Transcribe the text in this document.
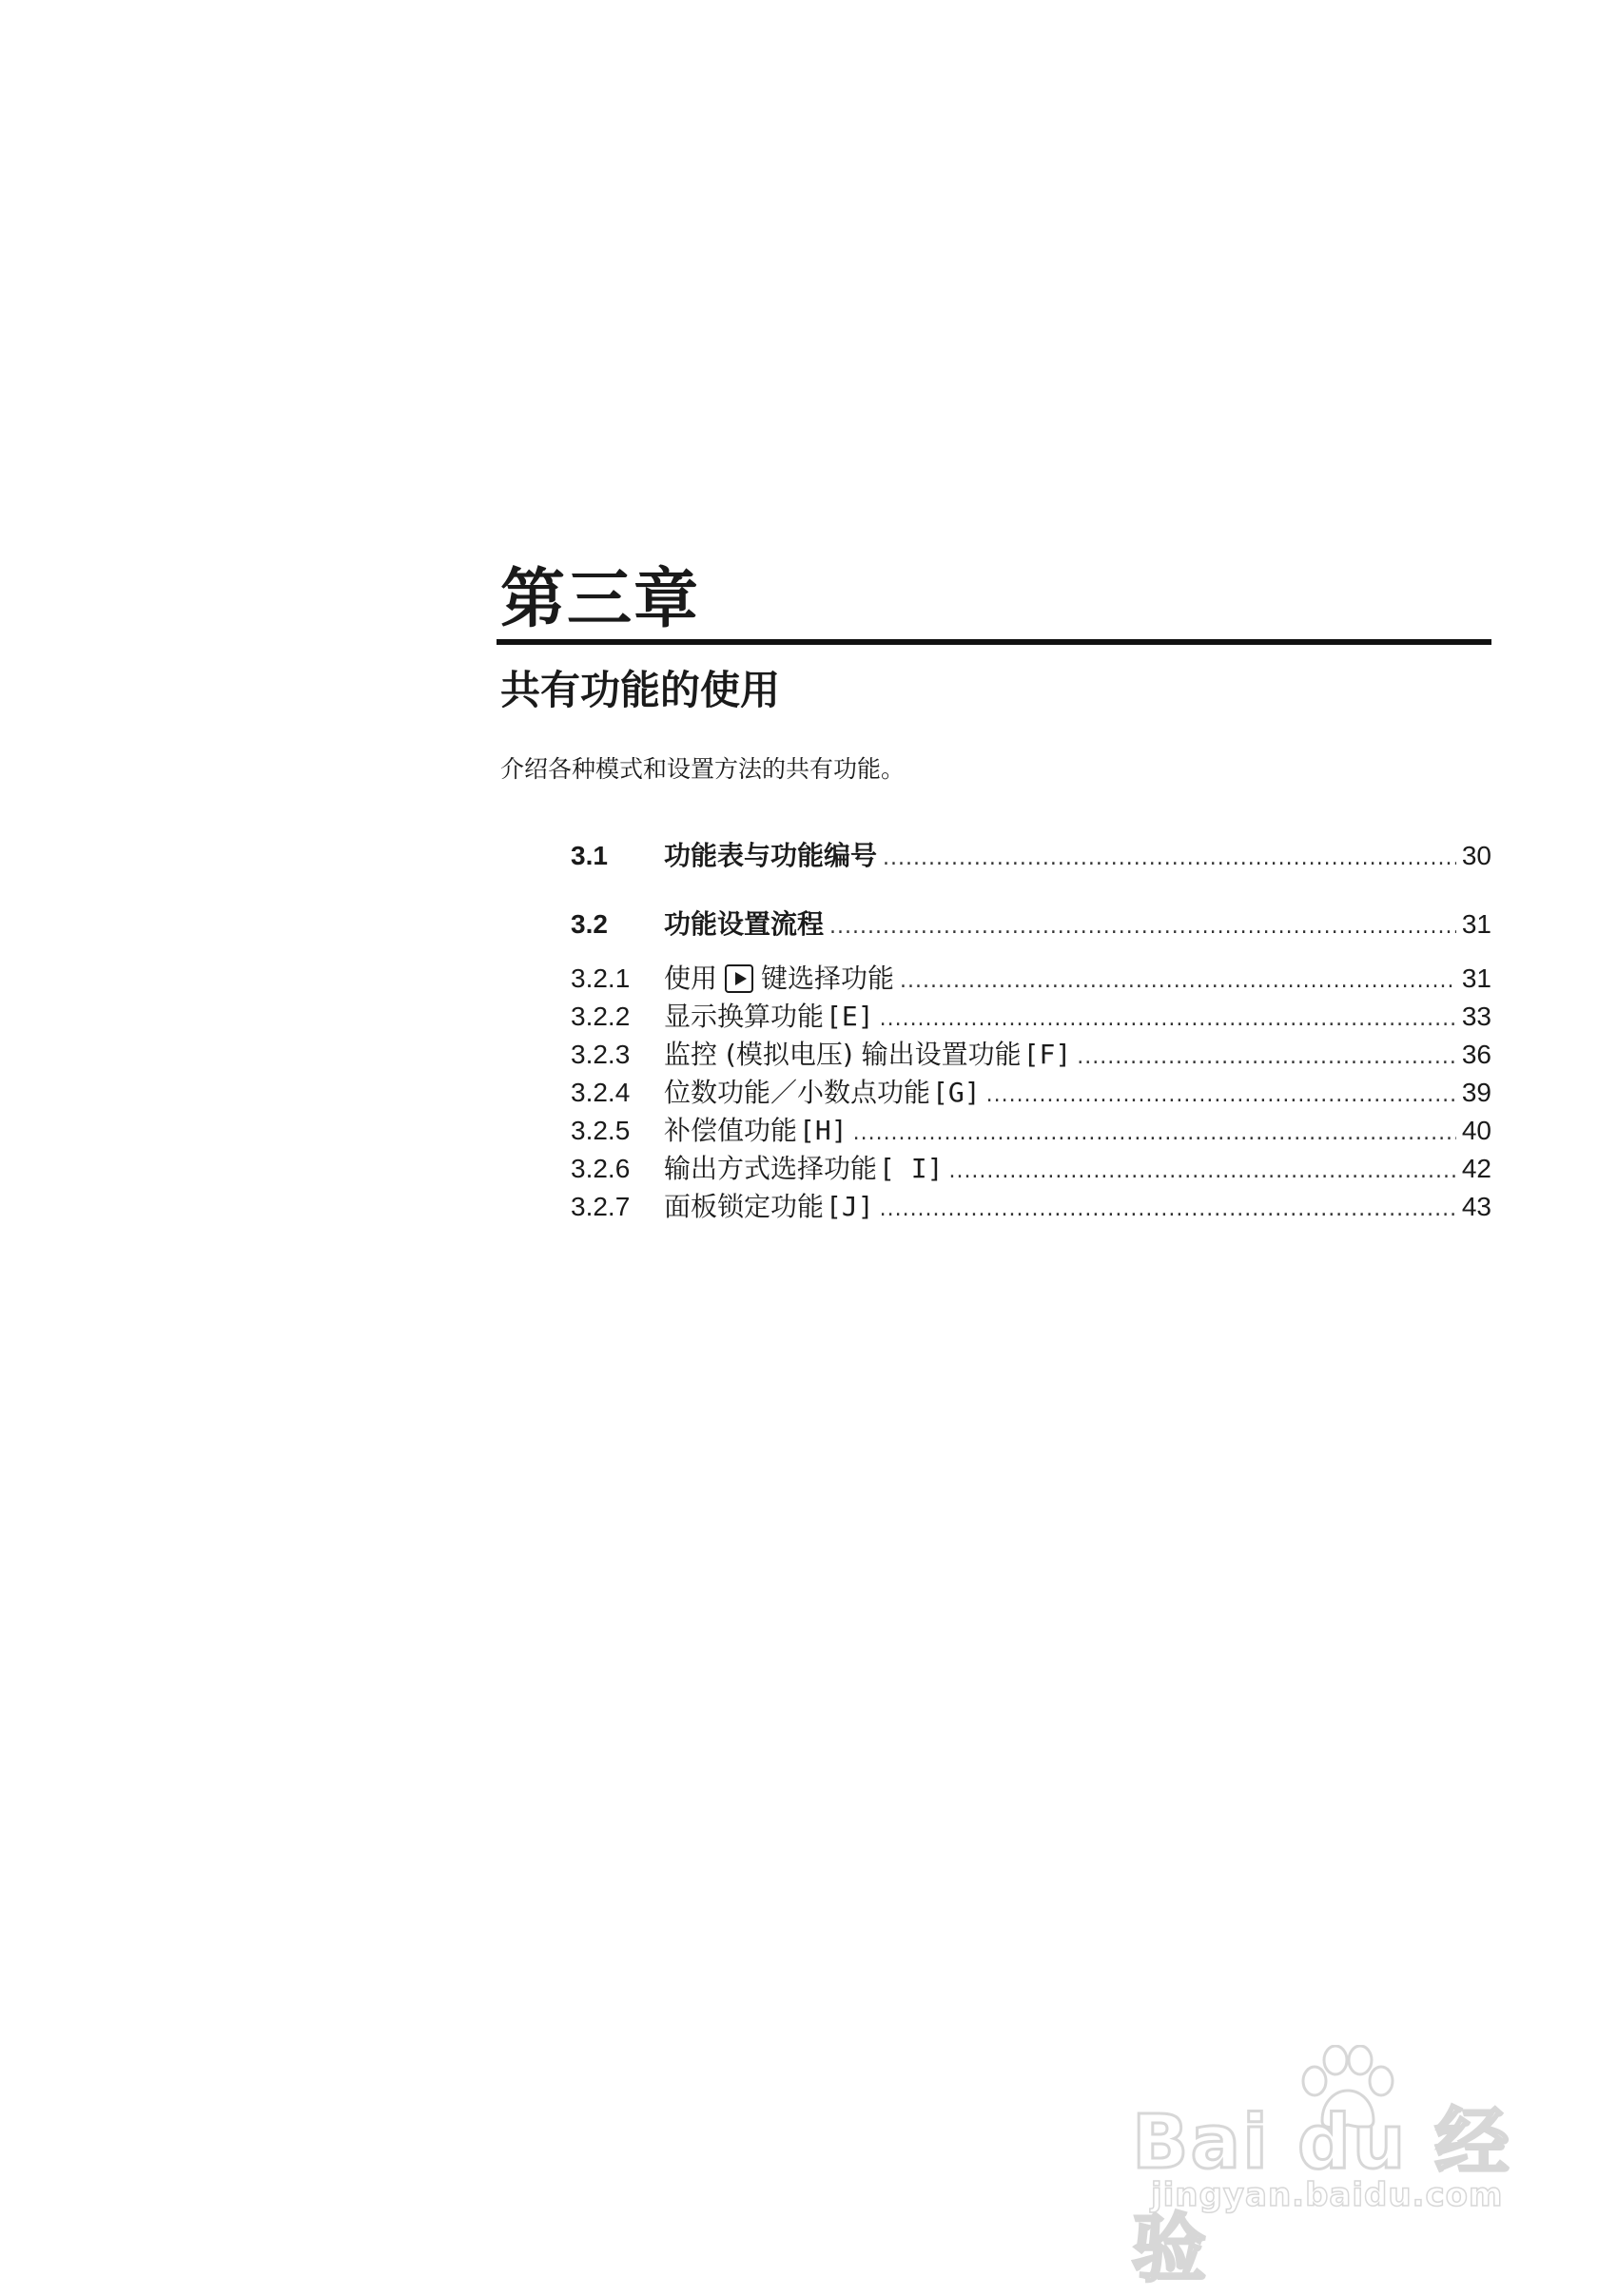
第三章
共有功能的使用

介绍各种模式和设置方法的共有功能。

3.1	功能表与功能编号 .....	30
3.2	功能设置流程 .....	31
3.2.1	使用 键选择功能 .....	31
3.2.2	显示换算功能 [E] .....	33
3.2.3	监控 (模拟电压) 输出设置功能 [F] .....	36
3.2.4	位数功能／小数点功能 [G] .....	39
3.2.5	补偿值功能 [H] .....	40
3.2.6	输出方式选择功能 [ I] .....	42
3.2.7	面板锁定功能 [J] .....	43
Bai du 经验
jingyan.baidu.com
